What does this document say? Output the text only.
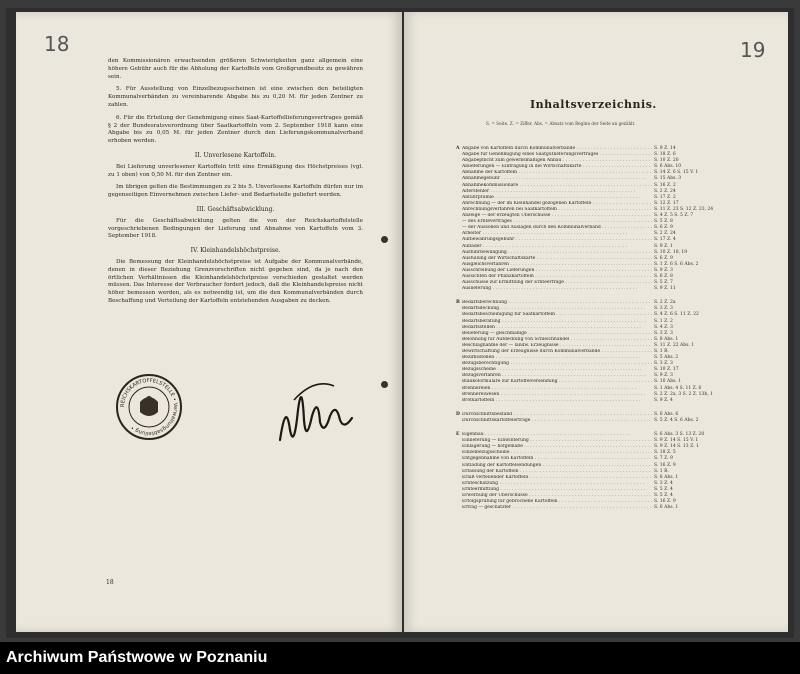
18

den Kommissionären erwachsenden größeren Schwierigkeiten ganz allgemein eine höhere Gebühr auch für die Abholung der Kartoffeln vom Großgrundbesitz zu gewähren sein.

5. Für Ausstellung von Einzelbezugsscheinen ist eine zwischen den beteiligten Kommunalverbänden zu vereinbarende Abgabe bis zu 0,20 M. für jeden Zentner zu zahlen.

6. Für die Erteilung der Genehmigung eines Saat-Kartoffellieferungsvertrages gemäß § 2 der Bundesratsverordnung über Saatkartoffeln vom 2. September 1918 kann eine Abgabe bis zu 0,05 M. für jeden Zentner durch den Lieferungskommunalverband erhoben werden.

II. Unverlesene Kartoffeln.

Bei Lieferung unverlesener Kartoffeln tritt eine Ermäßigung des Höchstpreises (vgl. zu 1 oben) von 0,50 M. für den Zentner ein.

Im übrigen gelten die Bestimmungen zu 2 bis 5. Unverlesene Kartoffeln dürfen nur im gegenseitigen Einvernehmen zwischen Liefer- und Bedarfsstelle geliefert werden.

III. Geschäftsabwicklung.

Für die Geschäftsabwicklung gelten die von der Reichskartoffelstelle vorgeschriebenen Bedingungen der Lieferung und Abnahme von Kartoffeln vom 3. September 1918.

IV. Kleinhandelshöchstpreise.

Die Bemessung der Kleinhandelshöchstpreise ist Aufgabe der Kommunalverbände, denen in dieser Beziehung Grenzvorschriften nicht gegeben sind, da je nach den örtlichen Verhältnissen die Kleinhandelshöchstpreise verschieden gestaltet werden müssen. Das Interesse der Verbraucher fordert jedoch, daß die Kleinhandelspreise nicht höher bemessen werden, als es notwendig ist, um die den Kommunalverbänden durch Beschaffung und Verteilung der Kartoffeln entstehenden Ausgaben zu decken.

REICHSKARTOFFELSTELLE • Verwaltungsabteilung •
18
19
Inhaltsverzeichnis.
S. = Seite, Z. = Ziffer, Abs. = Absatz vom Beginn der Seite an gezählt.
A Abgabe von Kartoffeln durch Kommunalverbände . . .	S. 9 Z. 14
Abgabe für Genehmigung eines Saatgutlieferungsvertrages . . .	S. 18 Z. 6
Abgabepflicht zum gewerbsmäßigen Anbau . . .	S. 10 Z. 20
Ablieferungen — Eintragung in die Wirtschaftskarte . . .	S. 6 Abs. 10
Abnahme der Kartoffeln . . .	S. 14 Z. 6 S. 15 V. 1
Abnahmegebühr . . .	S. 15 Abs. 3
Abnahmekommissionäre . . .	S. 16 Z. 2
Altersfehler . . .	S. 2 Z. 24
Anfuhrprämie . . .	S. 17 Z. 2
Anrechnung — der im Kleinhandel gezogenen Kartoffeln . . .	S. 12 Z. 17
Anrechnungsverfahren bei Saatkartoffeln . . .	S. 11 Z. 23 S. 12 Z. 23, 24
Anzeige — der erzeugten Überschüsse . . .	S. 4 Z. 5 S. 5 Z. 7
— des Erntevertrages . . .	S. 5 Z. 8
— der Aussonen und Auslagen durch den Kommunalverband . . .	S. 6 Z. 9
Arbeiter . . .	S. 2 Z. 24
Aufbewahrungsgebühr . . .	S. 17 Z. 4
Auflader . . .	S. 9 Z. 1
Ausfuhrbewilligung . . .	S. 10 Z. 18, 19
Ausfüllung der Wirtschaftskarte . . .	S. 6 Z. 9
Ausgleichsverfahren . . .	S. 1 Z. 6 S. 6 Abs. 2
Ausschreibung der Lieferungen . . .	S. 9 Z. 3
Aussichten der Pflanzkartoffeln . . .	S. 6 Z. 8
Ausschüsse zur Ermittlung der Ernteerträge . . .	S. 5 Z. 7
Auslieferung . . .	S. 9 Z. 11
B Bedarfsberechnung . . .	S. 2 Z. 2a
Bedarfsdeckung . . .	S. 3 Z. 3
Bedarfsbescheinigung für Saatkartoffeln . . .	S. 4 Z. 6 S. 11 Z. 22
Bedarfsberatung . . .	S. 1 Z. 2
Bedarfsstellen . . .	S. 4 Z. 3
Belieferung — gleichmäßige . . .	S. 3 Z. 3
Belohnung für Aufdeckung von Schleichhandel . . .	S. 8 Abs. 1
Beschlagnahme der — landw. Erzeugnisse . . .	S. 11 Z. 22 Abs. 1
Bewirtschaftung der Erzeugnisse durch Kommunalverbände . . .	S. 1 B.
Bezirksstellen . . .	S. 5 Abs. 2
Bezugsberechtigung . . .	S. 3 Z. 3
Bezugsscheine . . .	S. 10 Z. 17
Bezugsverfahren . . .	S. 9 Z. 3
Blankoformulare zur Kartoffelversendung . . .	S. 10 Abs. 1
Brennereien . . .	S. 1 Abs. 4 S. 11 Z. 6
Brennereiwesen . . .	S. 2 Z. 2a, 3 S. 2 Z. 13b, 1
Brotkartoffeln . . .	S. 9 Z. 4
D Durchschnittsbestand . . .	S. 6 Abs. 6
Durchschnittskartoffelerträge . . .	S. 5 Z. 4 S. 6 Abs. 2
E Eigenbau . . .	S. 6 Abs. 3 S. 13 Z. 20
Einlieferung — Einwinterung . . .	S. 9 Z. 14 S. 15 V. 1
Einlagerung — hofgemäße . . .	S. 9 Z. 14 S. 13 Z. 1
Einzelbezugsscheine . . .	S. 18 Z. 5
Entgegennahme von Kartoffeln . . .	S. 7 Z. 9
Entladung der Kartoffelsendungen . . .	S. 16 Z. 9
Erfassung der Kartoffeln . . .	S. 1 B.
Erlaß verteilender Kartoffeln . . .	S. 8 Abs. 1
Ernteschätzung . . .	S. 3 Z. 4
Ernteermittlung . . .	S. 5 Z. 4
Erwerbung der Überschüsse . . .	S. 5 Z. 4
Erfolgsprüfung für gebrochene Kartoffeln . . .	S. 16 Z. 9
Ertrag — geschätzter . . .	S. 6 Abs. 1
Archiwum Państwowe w Poznaniu
